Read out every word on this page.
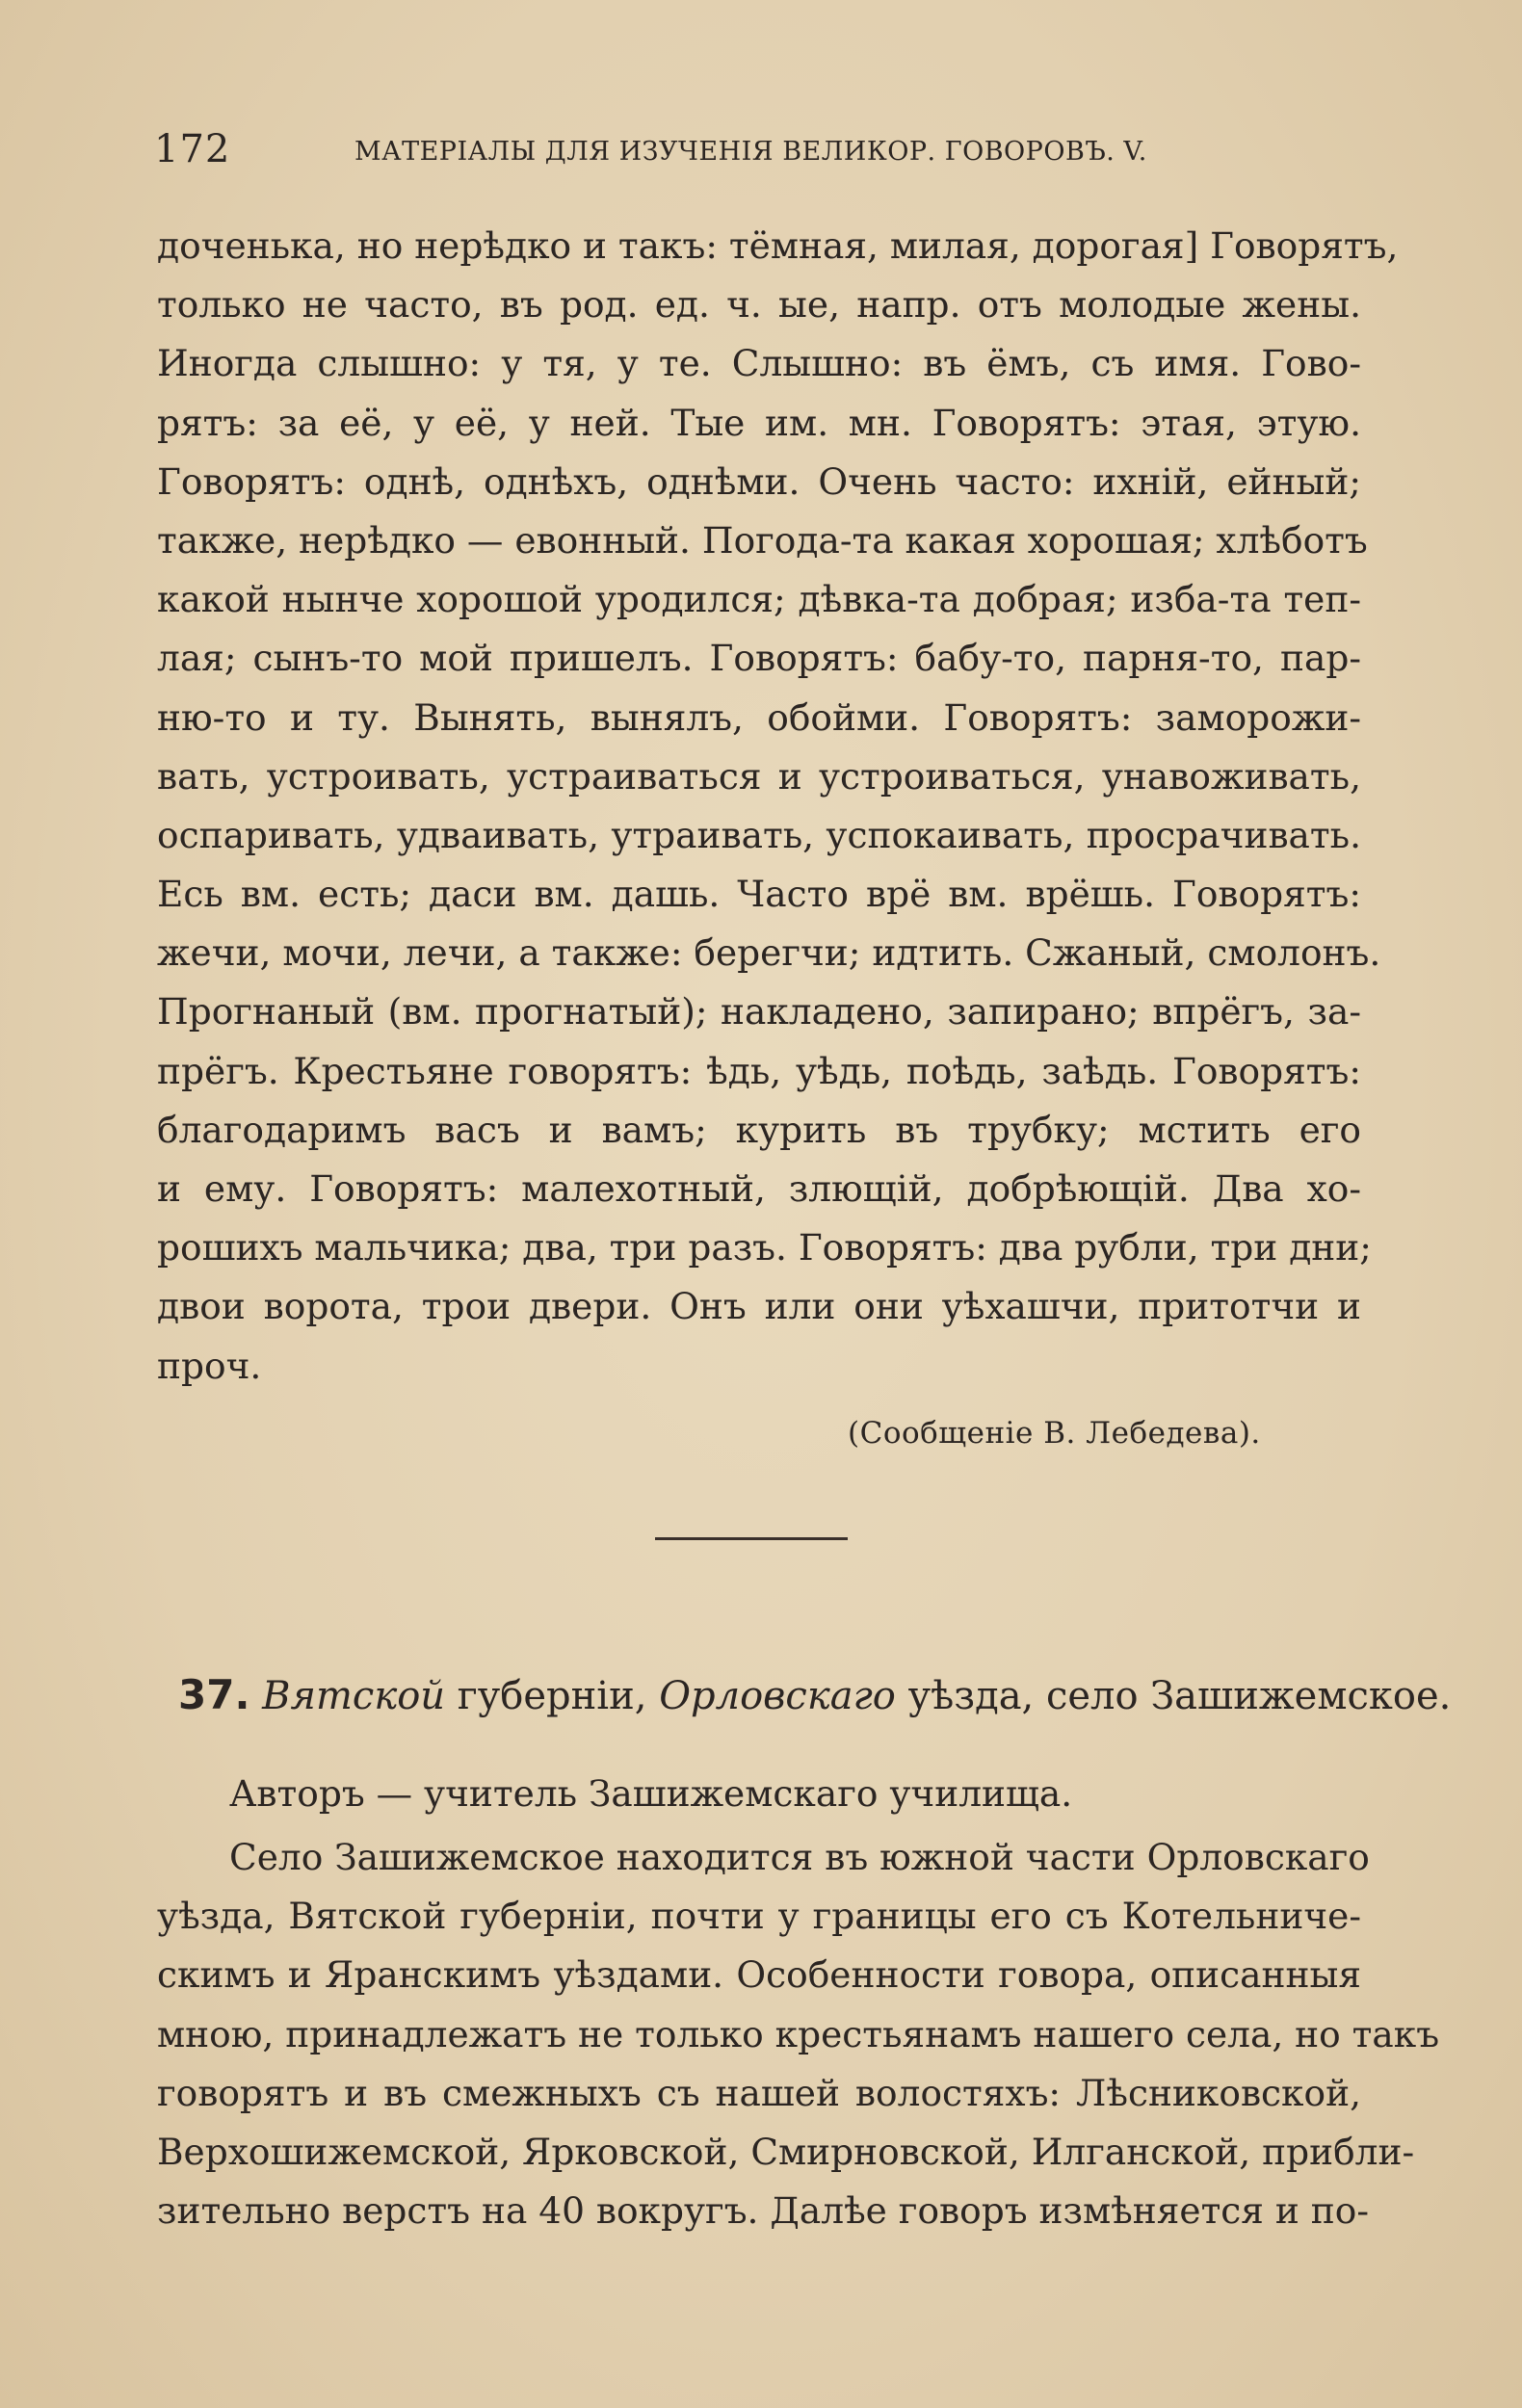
172	МАТЕРІАЛЫ ДЛЯ ИЗУЧЕНІЯ ВЕЛИКОР. ГОВОРОВЪ. V.
доченька, но нерѣдко и такъ: тёмная, милая, дорогая] Говорятъ,
только не часто, въ род. ед. ч. ые, напр. отъ молодые жены.
Иногда слышно: у тя, у те. Слышно: въ ёмъ, съ имя. Гово-
рятъ: за её, у её, у ней. Тые им. мн. Говорятъ: этая, этую.
Говорятъ: однѣ, однѣхъ, однѣми. Очень часто: ихній, ейный;
также, нерѣдко — евонный. Погода-та какая хорошая; хлѣботъ
какой нынче хорошой уродился; дѣвка-та добрая; изба-та теп-
лая; сынъ-то мой пришелъ. Говорятъ: бабу-то, парня-то, пар-
ню-то и ту. Вынять, вынялъ, обойми. Говорятъ: заморожи-
вать, устроивать, устраиваться и устроиваться, унавоживать,
оспаривать, удваивать, утраивать, успокаивать, просрачивать.
Есь вм. есть; даси вм. дашь. Часто врё вм. врёшь. Говорятъ:
жечи, мочи, лечи, а также: берегчи; идтить. Сжаный, смолонъ.
Прогнаный (вм. прогнатый); накладено, запирано; впрёгъ, за-
прёгъ. Крестьяне говорятъ: ѣдь, уѣдь, поѣдь, заѣдь. Говорятъ:
благодаримъ васъ и вамъ; курить въ трубку; мстить его
и ему. Говорятъ: малехотный, злющій, добрѣющій. Два хо-
рошихъ мальчика; два, три разъ. Говорятъ: два рубли, три дни;
двои ворота, трои двери. Онъ или они уѣхашчи, притотчи и
проч.
(Сообщеніе В. Лебедева).
37. Вятской губерніи, Орловскаго уѣзда, село Зашижемское.
Авторъ — учитель Зашижемскаго училища.
Село Зашижемское находится въ южной части Орловскаго
уѣзда, Вятской губерніи, почти у границы его съ Котельниче-
скимъ и Яранскимъ уѣздами. Особенности говора, описанныя
мною, принадлежатъ не только крестьянамъ нашего села, но такъ
говорятъ и въ смежныхъ съ нашей волостяхъ: Лѣсниковской,
Верхошижемской, Ярковской, Смирновской, Илганской, прибли-
зительно верстъ на 40 вокругъ. Далѣе говоръ измѣняется и по-
